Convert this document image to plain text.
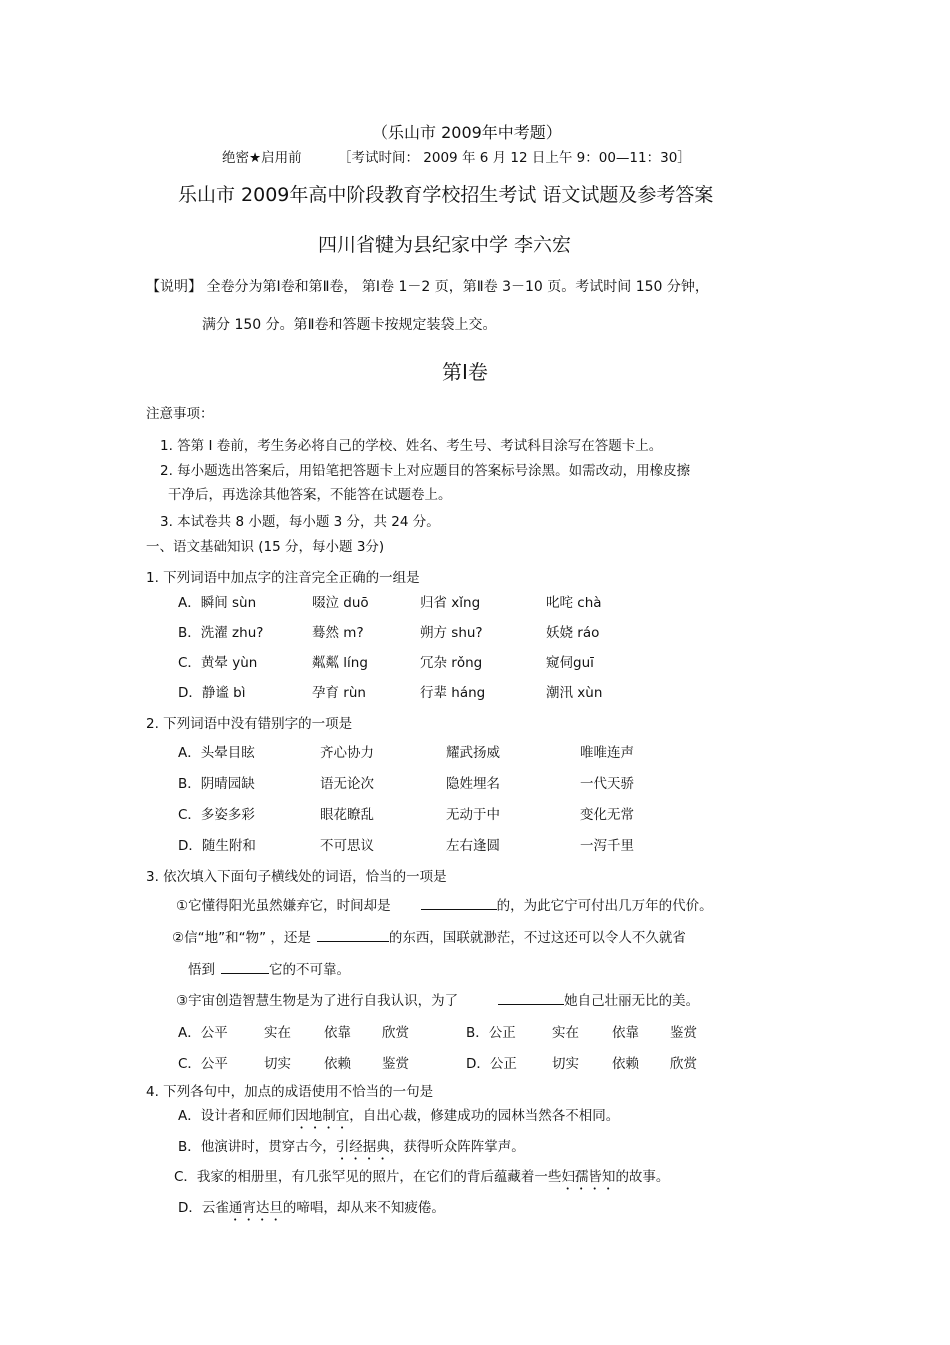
（乐山市 2009年中考题）
绝密★启用前	［考试时间： 2009 年 6 月 12 日上午 9：00—11：30］
乐山市 2009年高中阶段教育学校招生考试 语文试题及参考答案
四川省犍为县纪家中学 李六宏
【说明】 全卷分为第Ⅰ卷和第Ⅱ卷， 第Ⅰ卷 1－2 页，第Ⅱ卷 3－10 页。考试时间 150 分钟，
满分 150 分。第Ⅱ卷和答题卡按规定装袋上交。
第Ⅰ卷
注意事项：
1. 答第 Ⅰ 卷前，考生务必将自己的学校、姓名、考生号、考试科目涂写在答题卡上。
2. 每小题选出答案后，用铅笔把答题卡上对应题目的答案标号涂黑。如需改动，用橡皮擦
干净后，再选涂其他答案，不能答在试题卷上。
3. 本试卷共 8 小题，每小题 3 分，共 24 分。
一、语文基础知识 (15 分，每小题 3分)
1. 下列词语中加点字的注音完全正确的一组是
A．瞬间 sùn	啜泣 duō	归省 xǐng	叱咤 chà
B．洗濯 zhu?	蓦然 m?	朔方 shu?	妖娆 ráo
C．黄晕 yùn	粼粼 líng	冗杂 rǒng	窥伺guī
D．静谧 bì	孕育 rùn	行辈 háng	潮汛 xùn
2. 下列词语中没有错别字的一项是
A．头晕目眩	齐心协力	耀武扬威	唯唯连声
B．阴晴园缺	语无论次	隐姓埋名	一代天骄
C．多姿多彩	眼花瞭乱	无动于中	变化无常
D．随生附和	不可思议	左右逢圆	一泻千里
3. 依次填入下面句子横线处的词语，恰当的一项是
①它懂得阳光虽然嫌弃它，时间却是	的，为此它宁可付出几万年的代价。
②信“地”和“物” ，还是	的东西，国联就渺茫，不过这还可以令人不久就省
悟到	它的不可靠。
③宇宙创造智慧生物是为了进行自我认识，为了	她自己壮丽无比的美。
A．公平	实在 依靠 欣赏	B．公正	实在 依靠 鉴赏
C．公平	切实 依赖 鉴赏	D．公正	切实 依赖 欣赏
4. 下列各句中，加点的成语使用不恰当的一句是
A．设计者和匠师们因地制宜，自出心裁，修建成功的园林当然各不相同。
B．他演讲时，贯穿古今，引经据典，获得听众阵阵掌声。
C．我家的相册里，有几张罕见的照片，在它们的背后蕴藏着一些妇孺皆知的故事。
D．云雀通宵达旦的啼唱，却从来不知疲倦。
